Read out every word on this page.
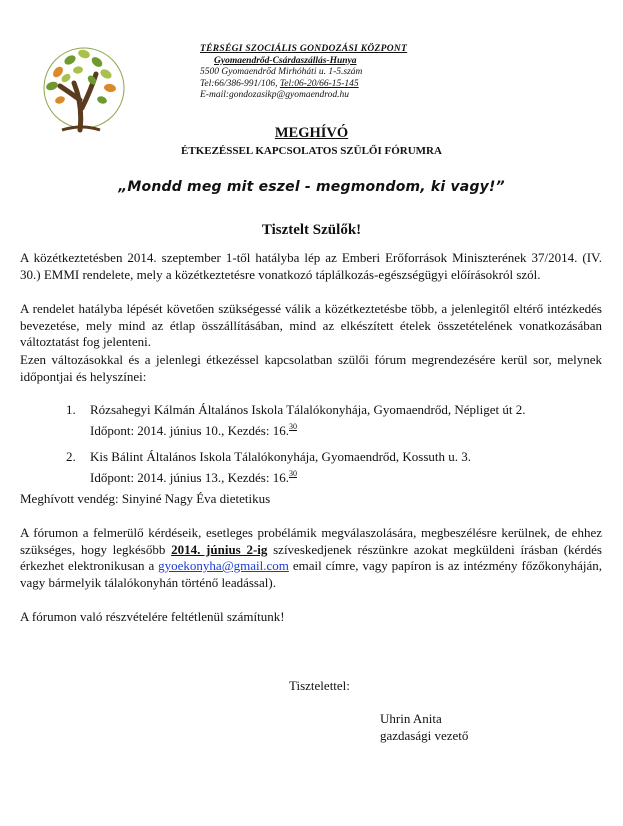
TÉRSÉGI SZOCIÁLIS GONDOZÁSI KÖZPONT
Gyomaendrőd-Csárdaszállás-Hunya
5500 Gyomaendrőd Mirhóháti u. 1-5.szám
Tel:66/386-991/106, Tel:06-20/66-15-145
E-mail:gondozasikp@gyomaendrod.hu
MEGHÍVÓ
ÉTKEZÉSSEL KAPCSOLATOS SZÜLŐI FÓRUMRA
„Mondd meg mit eszel - megmondom, ki vagy!”
Tisztelt Szülők!
A közétkeztetésben 2014. szeptember 1-től hatályba lép az Emberi Erőforrások Miniszterének 37/2014. (IV. 30.) EMMI rendelete, mely a közétkeztetésre vonatkozó táplálkozás-egészségügyi előírásokról szól.
A rendelet hatályba lépését követően szükségessé válik a közétkeztetésbe több, a jelenlegitől eltérő intézkedés bevezetése, mely mind az étlap összállításában, mind az elkészített ételek összetételének vonatkozásában változtatást fog jelenteni.
Ezen változásokkal és a jelenlegi étkezéssel kapcsolatban szülői fórum megrendezésére kerül sor, melynek időpontjai és helyszínei:
1.	Rózsahegyi Kálmán Általános Iskola Tálalókonyhája, Gyomaendrőd, Népliget út 2.
Időpont: 2014. június 10., Kezdés: 16.30
2.	Kis Bálint Általános Iskola Tálalókonyhája, Gyomaendrőd, Kossuth u. 3.
Időpont: 2014. június 13., Kezdés: 16.30
Meghívott vendég: Sinyiné Nagy Éva dietetikus
A fórumon a felmerülő kérdéseik, esetleges probélámik megválaszolására, megbeszélésre kerülnek, de ehhez szükséges, hogy legkésőbb 2014. június 2-ig szíveskedjenek részünkre azokat megküldeni írásban (kérdés érkezhet elektronikusan a gyoekonyha@gmail.com email címre, vagy papíron is az intézmény főzőkonyháján, vagy bármelyik tálalókonyhán történő leadással).
A fórumon való részvételére feltétlenül számítunk!
Tisztelettel:
Uhrin Anita
gazdasági vezető
